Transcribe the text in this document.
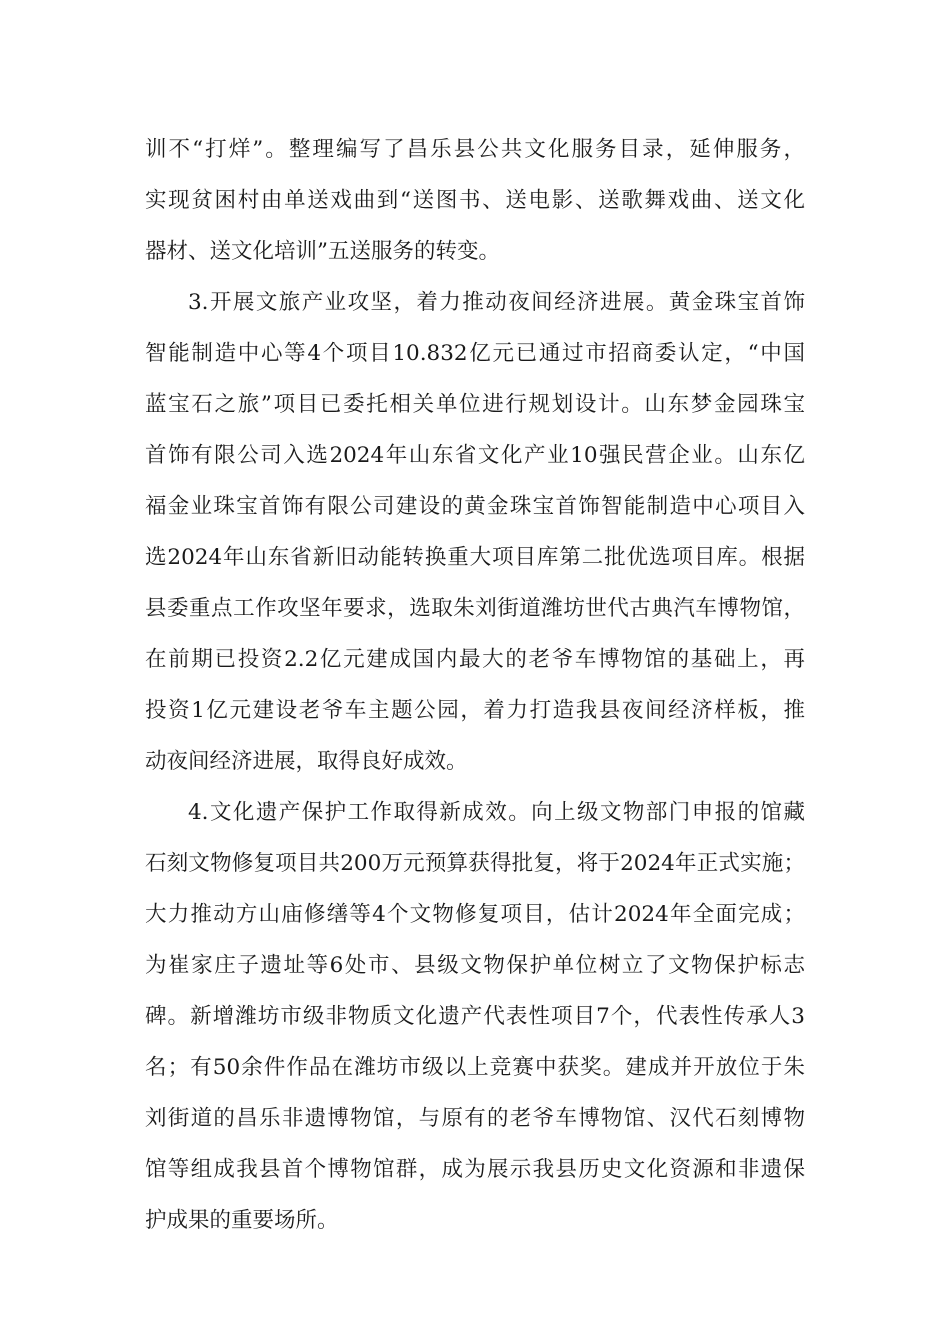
训不“打烊”。整理编写了昌乐县公共文化服务目录，延伸服务，
实现贫困村由单送戏曲到“送图书、送电影、送歌舞戏曲、送文化
器材、送文化培训”五送服务的转变。
3.开展文旅产业攻坚，着力推动夜间经济进展。黄金珠宝首饰
智能制造中心等4个项目10.832亿元已通过市招商委认定，“中国
蓝宝石之旅”项目已委托相关单位进行规划设计。山东梦金园珠宝
首饰有限公司入选2024年山东省文化产业10强民营企业。山东亿
福金业珠宝首饰有限公司建设的黄金珠宝首饰智能制造中心项目入
选2024年山东省新旧动能转换重大项目库第二批优选项目库。根据
县委重点工作攻坚年要求，选取朱刘街道潍坊世代古典汽车博物馆，
在前期已投资2.2亿元建成国内最大的老爷车博物馆的基础上，再
投资1亿元建设老爷车主题公园，着力打造我县夜间经济样板，推
动夜间经济进展，取得良好成效。
4.文化遗产保护工作取得新成效。向上级文物部门申报的馆藏
石刻文物修复项目共200万元预算获得批复，将于2024年正式实施；
大力推动方山庙修缮等4个文物修复项目，估计2024年全面完成；
为崔家庄子遗址等6处市、县级文物保护单位树立了文物保护标志
碑。新增潍坊市级非物质文化遗产代表性项目7个，代表性传承人3
名；有50余件作品在潍坊市级以上竞赛中获奖。建成并开放位于朱
刘街道的昌乐非遗博物馆，与原有的老爷车博物馆、汉代石刻博物
馆等组成我县首个博物馆群，成为展示我县历史文化资源和非遗保
护成果的重要场所。
